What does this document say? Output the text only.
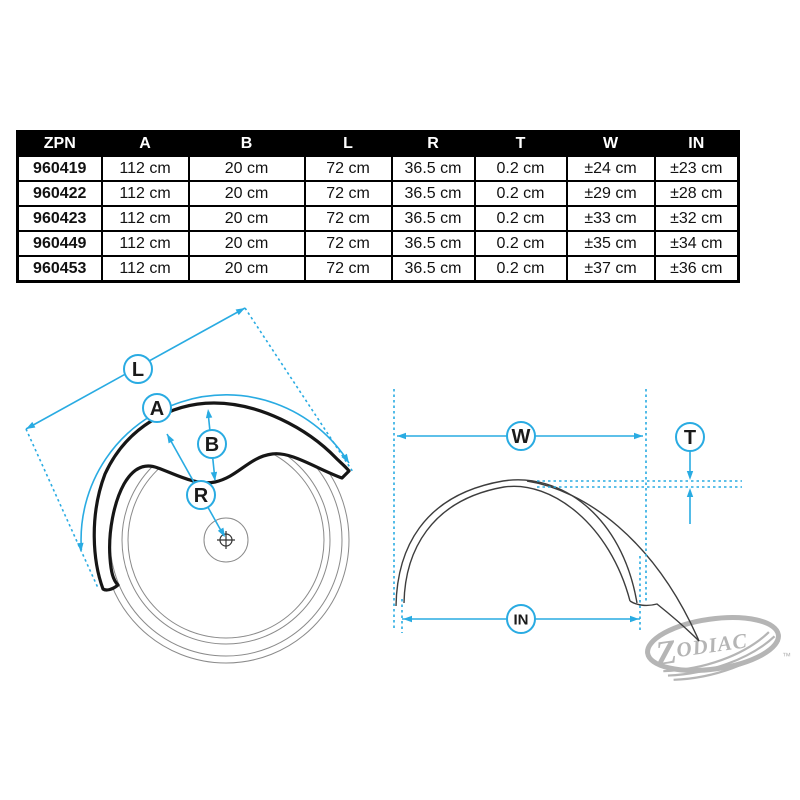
ZPN	A	B	L	R	T	W	IN
960419	112 cm	20 cm	72 cm	36.5 cm	0.2 cm	±24 cm	±23 cm
960422	112 cm	20 cm	72 cm	36.5 cm	0.2 cm	±29 cm	±28 cm
960423	112 cm	20 cm	72 cm	36.5 cm	0.2 cm	±33 cm	±32 cm
960449	112 cm	20 cm	72 cm	36.5 cm	0.2 cm	±35 cm	±34 cm
960453	112 cm	20 cm	72 cm	36.5 cm	0.2 cm	±37 cm	±36 cm
L
A
B
R
Z
ODIAC	™
W	T
IN
